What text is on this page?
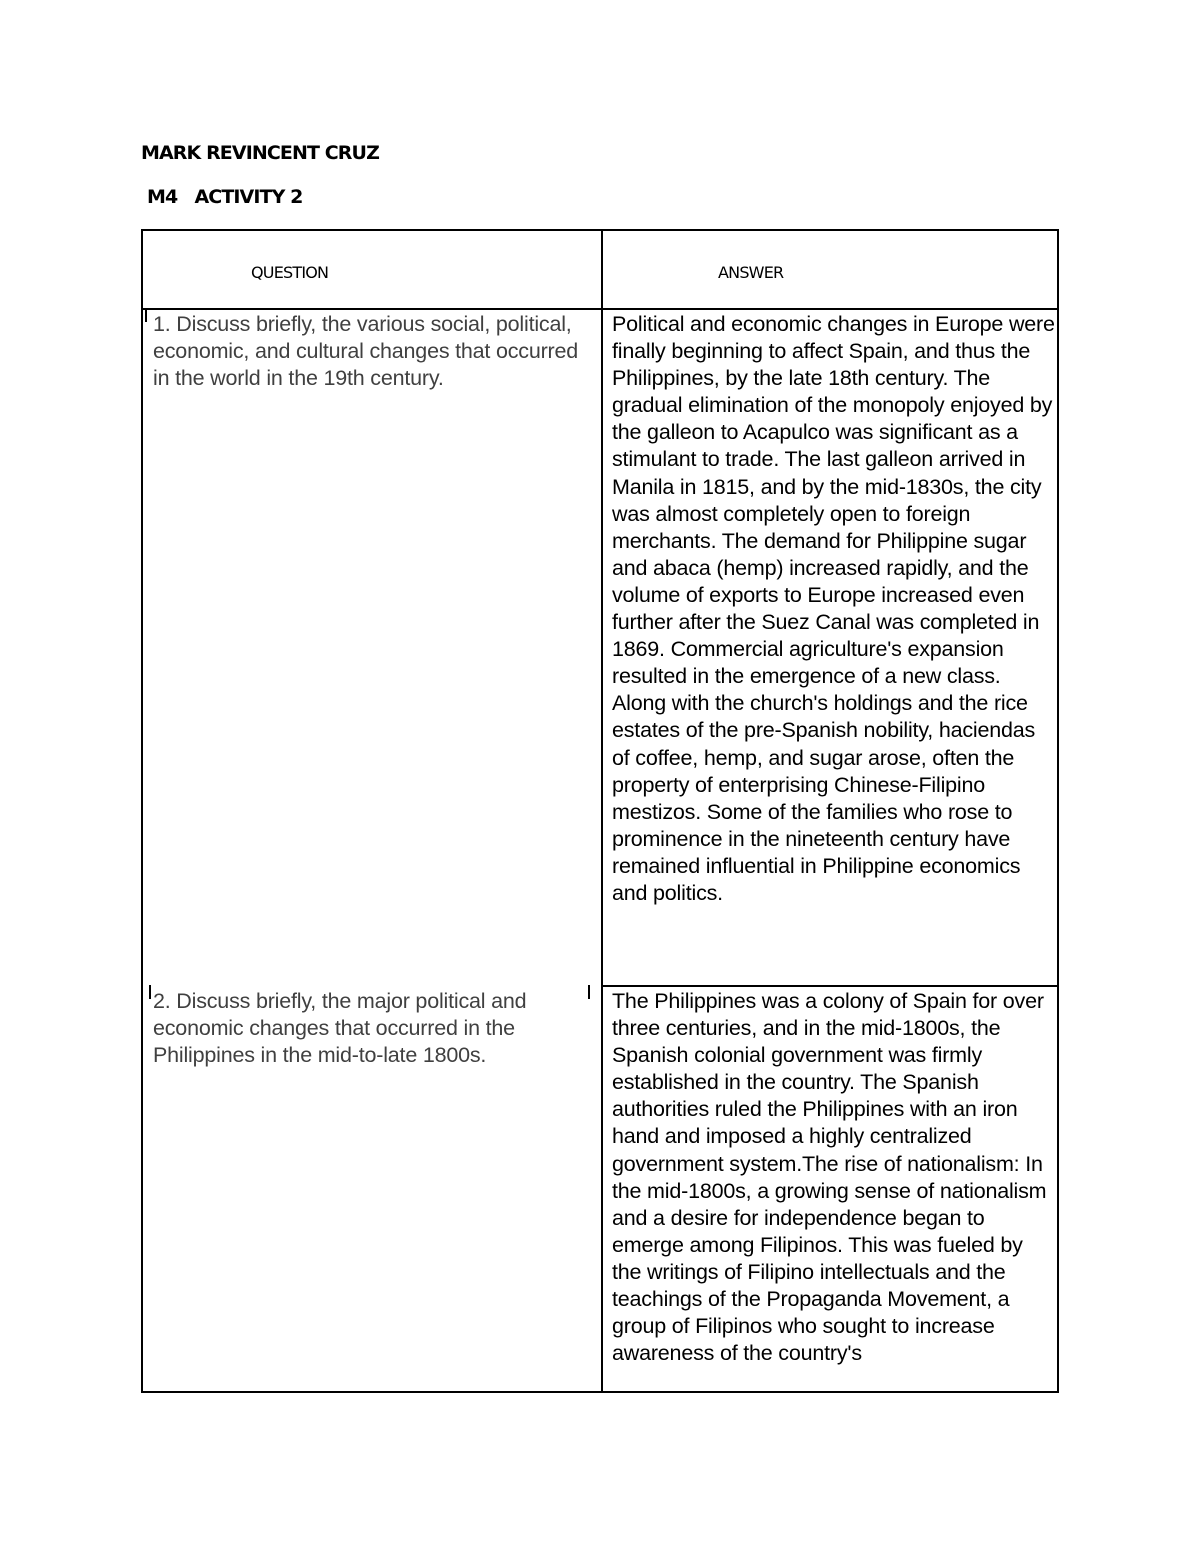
MARK REVINCENT CRUZ
M4   ACTIVITY 2
QUESTION	ANSWER
1. Discuss briefly, the various social, political, economic, and cultural changes that occurred in the world in the 19th century.
Political and economic changes in Europe were finally beginning to affect Spain, and thus the Philippines, by the late 18th century. The gradual elimination of the monopoly enjoyed by the galleon to Acapulco was significant as a stimulant to trade. The last galleon arrived in Manila in 1815, and by the mid-1830s, the city was almost completely open to foreign merchants. The demand for Philippine sugar and abaca (hemp) increased rapidly, and the volume of exports to Europe increased even further after the Suez Canal was completed in 1869. Commercial agriculture's expansion resulted in the emergence of a new class. Along with the church's holdings and the rice estates of the pre-Spanish nobility, haciendas of coffee, hemp, and sugar arose, often the property of enterprising Chinese-Filipino mestizos. Some of the families who rose to prominence in the nineteenth century have remained influential in Philippine economics and politics.
2. Discuss briefly, the major political and economic changes that occurred in the Philippines in the mid-to-late 1800s.
The Philippines was a colony of Spain for over three centuries, and in the mid-1800s, the Spanish colonial government was firmly established in the country. The Spanish authorities ruled the Philippines with an iron hand and imposed a highly centralized government system.The rise of nationalism: In the mid-1800s, a growing sense of nationalism and a desire for independence began to emerge among Filipinos. This was fueled by the writings of Filipino intellectuals and the teachings of the Propaganda Movement, a group of Filipinos who sought to increase awareness of the country's
